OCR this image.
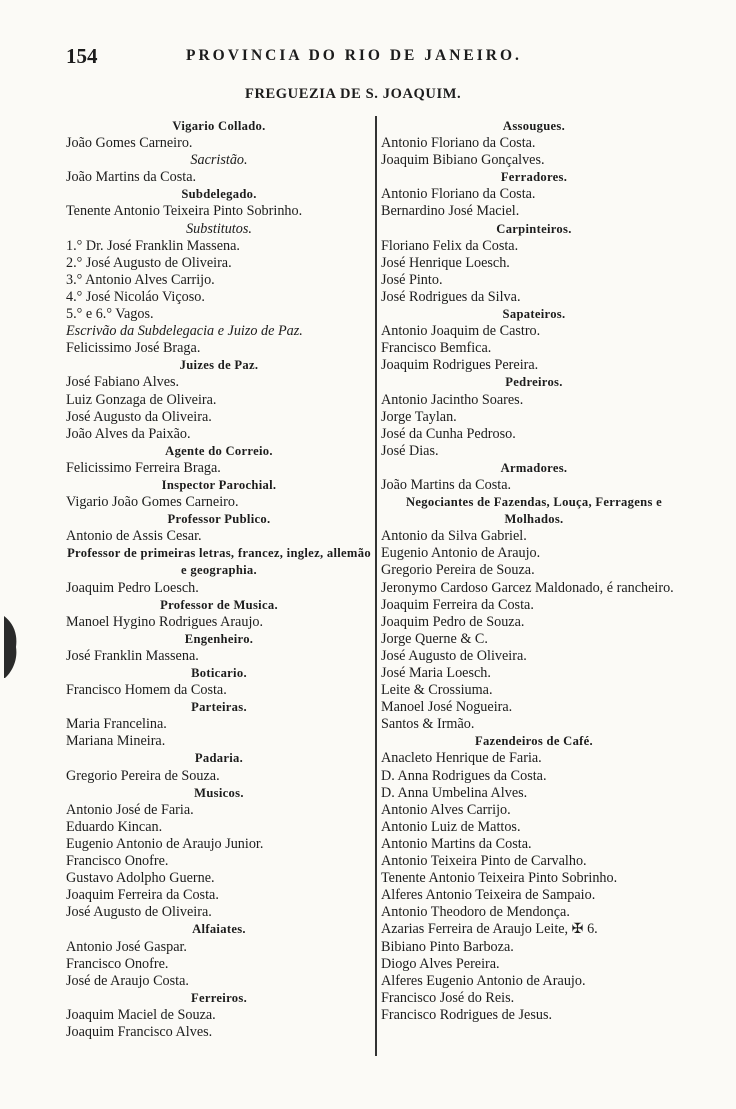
154	PROVINCIA DO RIO DE JANEIRO.
FREGUEZIA DE S. JOAQUIM.
Vigario Collado.
João Gomes Carneiro.
Sacristão.
João Martins da Costa.
Subdelegado.
Tenente Antonio Teixeira Pinto Sobrinho.
Substitutos.
1.° Dr. José Franklin Massena.
2.° José Augusto de Oliveira.
3.° Antonio Alves Carrijo.
4.° José Nicoláo Viçoso.
5.° e 6.° Vagos.
Escrivão da Subdelegacia e Juizo de Paz.
Felicissimo José Braga.
Juizes de Paz.
José Fabiano Alves.
Luiz Gonzaga de Oliveira.
José Augusto da Oliveira.
João Alves da Paixão.
Agente do Correio.
Felicissimo Ferreira Braga.
Inspector Parochial.
Vigario João Gomes Carneiro.
Professor Publico.
Antonio de Assis Cesar.
Professor de primeiras letras, francez, inglez, allemão e geographia.
Joaquim Pedro Loesch.
Professor de Musica.
Manoel Hygino Rodrigues Araujo.
Engenheiro.
José Franklin Massena.
Boticario.
Francisco Homem da Costa.
Parteiras.
Maria Francelina.
Mariana Mineira.
Padaria.
Gregorio Pereira de Souza.
Musicos.
Antonio José de Faria.
Eduardo Kincan.
Eugenio Antonio de Araujo Junior.
Francisco Onofre.
Gustavo Adolpho Guerne.
Joaquim Ferreira da Costa.
José Augusto de Oliveira.
Alfaiates.
Antonio José Gaspar.
Francisco Onofre.
José de Araujo Costa.
Ferreiros.
Joaquim Maciel de Souza.
Joaquim Francisco Alves.
Assougues.
Antonio Floriano da Costa.
Joaquim Bibiano Gonçalves.
Ferradores.
Antonio Floriano da Costa.
Bernardino José Maciel.
Carpinteiros.
Floriano Felix da Costa.
José Henrique Loesch.
José Pinto.
José Rodrigues da Silva.
Sapateiros.
Antonio Joaquim de Castro.
Francisco Bemfica.
Joaquim Rodrigues Pereira.
Pedreiros.
Antonio Jacintho Soares.
Jorge Taylan.
José da Cunha Pedroso.
José Dias.
Armadores.
João Martins da Costa.
Negociantes de Fazendas, Louça, Ferragens e Molhados.
Antonio da Silva Gabriel.
Eugenio Antonio de Araujo.
Gregorio Pereira de Souza.
Jeronymo Cardoso Garcez Maldonado, é rancheiro.
Joaquim Ferreira da Costa.
Joaquim Pedro de Souza.
Jorge Querne & C.
José Augusto de Oliveira.
José Maria Loesch.
Leite & Crossiuma.
Manoel José Nogueira.
Santos & Irmão.
Fazendeiros de Café.
Anacleto Henrique de Faria.
D. Anna Rodrigues da Costa.
D. Anna Umbelina Alves.
Antonio Alves Carrijo.
Antonio Luiz de Mattos.
Antonio Martins da Costa.
Antonio Teixeira Pinto de Carvalho.
Tenente Antonio Teixeira Pinto Sobrinho.
Alferes Antonio Teixeira de Sampaio.
Antonio Theodoro de Mendonça.
Azarias Ferreira de Araujo Leite, ✠ 6.
Bibiano Pinto Barboza.
Diogo Alves Pereira.
Alferes Eugenio Antonio de Araujo.
Francisco José do Reis.
Francisco Rodrigues de Jesus.
